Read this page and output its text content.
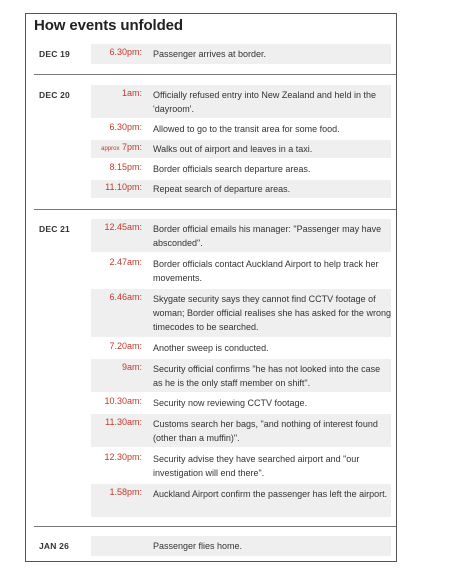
How events unfolded
DEC 19	6.30pm: Passenger arrives at border.
DEC 20	1am: Officially refused entry into New Zealand and held in the 'dayroom'.
6.30pm: Allowed to go to the transit area for some food.
approx 7pm: Walks out of airport and leaves in a taxi.
8.15pm: Border officials search departure areas.
11.10pm: Repeat search of departure areas.
DEC 21	12.45am: Border official emails his manager: "Passenger may have absconded".
2.47am: Border officials contact Auckland Airport to help track her movements.
6.46am: Skygate security says they cannot find CCTV footage of woman; Border official realises she has asked for the wrong timecodes to be searched.
7.20am: Another sweep is conducted.
9am: Security official confirms "he has not looked into the case as he is the only staff member on shift".
10.30am: Security now reviewing CCTV footage.
11.30am: Customs search her bags, "and nothing of interest found (other than a muffin)".
12.30pm: Security advise they have searched airport and "our investigation will end there".
1.58pm: Auckland Airport confirm the passenger has left the airport.
JAN 26	Passenger flies home.
